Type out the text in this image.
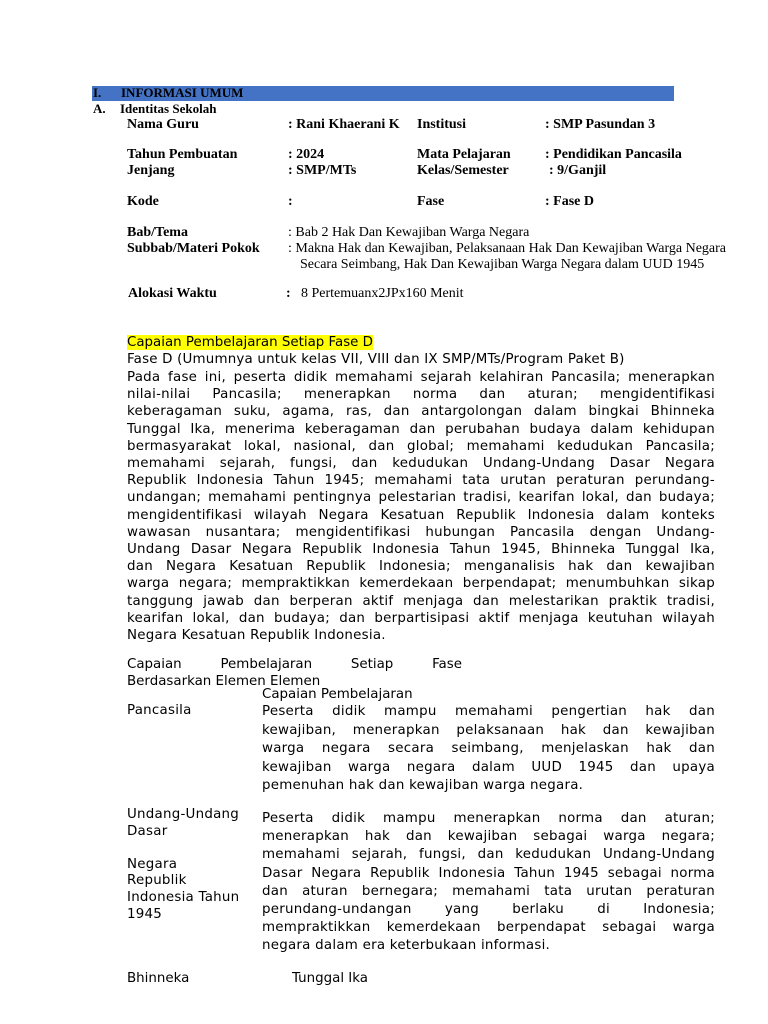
I. INFORMASI UMUM
A. Identitas Sekolah
Nama Guru	: Rani Khaerani K Institusi	: SMP Pasundan 3
Tahun Pembuatan	: 2024	Mata Pelajaran : Pendidikan Pancasila
Jenjang	: SMP/MTs	Kelas/Semester	: 9/Ganjil
Kode	:	Fase	: Fase D
Bab/Tema	: Bab 2 Hak Dan Kewajiban Warga Negara
Subbab/Materi Pokok : Makna Hak dan Kewajiban, Pelaksanaan Hak Dan Kewajiban Warga Negara
Secara Seimbang, Hak Dan Kewajiban Warga Negara dalam UUD 1945
Alokasi Waktu	: 8 Pertemuanx2JPx160 Menit
Capaian Pembelajaran Setiap Fase D
Fase D (Umumnya untuk kelas VII, VIII dan IX SMP/MTs/Program Paket B)
Pada fase ini, peserta didik memahami sejarah kelahiran Pancasila; menerapkan
nilai-nilai Pancasila; menerapkan norma dan aturan; mengidentifikasi
keberagaman suku, agama, ras, dan antargolongan dalam bingkai Bhinneka
Tunggal Ika, menerima keberagaman dan perubahan budaya dalam kehidupan
bermasyarakat lokal, nasional, dan global; memahami kedudukan Pancasila;
memahami sejarah, fungsi, dan kedudukan Undang-Undang Dasar Negara
Republik Indonesia Tahun 1945; memahami tata urutan peraturan perundang-
undangan; memahami pentingnya pelestarian tradisi, kearifan lokal, dan budaya;
mengidentifikasi wilayah Negara Kesatuan Republik Indonesia dalam konteks
wawasan nusantara; mengidentifikasi hubungan Pancasila dengan Undang-
Undang Dasar Negara Republik Indonesia Tahun 1945, Bhinneka Tunggal Ika,
dan Negara Kesatuan Republik Indonesia; menganalisis hak dan kewajiban
warga negara; mempraktikkan kemerdekaan berpendapat; menumbuhkan sikap
tanggung jawab dan berperan aktif menjaga dan melestarikan praktik tradisi,
kearifan lokal, dan budaya; dan berpartisipasi aktif menjaga keutuhan wilayah
Negara Kesatuan Republik Indonesia.
Capaian	Pembelajaran	Setiap	Fase
Berdasarkan Elemen Elemen
Capaian Pembelajaran
Pancasila	Peserta didik mampu memahami pengertian hak dan
kewajiban, menerapkan pelaksanaan hak dan kewajiban
warga negara secara seimbang, menjelaskan hak dan
kewajiban warga negara dalam UUD 1945 dan upaya
pemenuhan hak dan kewajiban warga negara.
Undang-Undang
Dasar
Negara
Republik
Indonesia Tahun
1945
Peserta didik mampu menerapkan norma dan aturan;
menerapkan hak dan kewajiban sebagai warga negara;
memahami sejarah, fungsi, dan kedudukan Undang-Undang
Dasar Negara Republik Indonesia Tahun 1945 sebagai norma
dan aturan bernegara; memahami tata urutan peraturan
perundang-undangan yang berlaku di Indonesia;
mempraktikkan kemerdekaan berpendapat sebagai warga
negara dalam era keterbukaan informasi.
Bhinneka	Tunggal Ika
